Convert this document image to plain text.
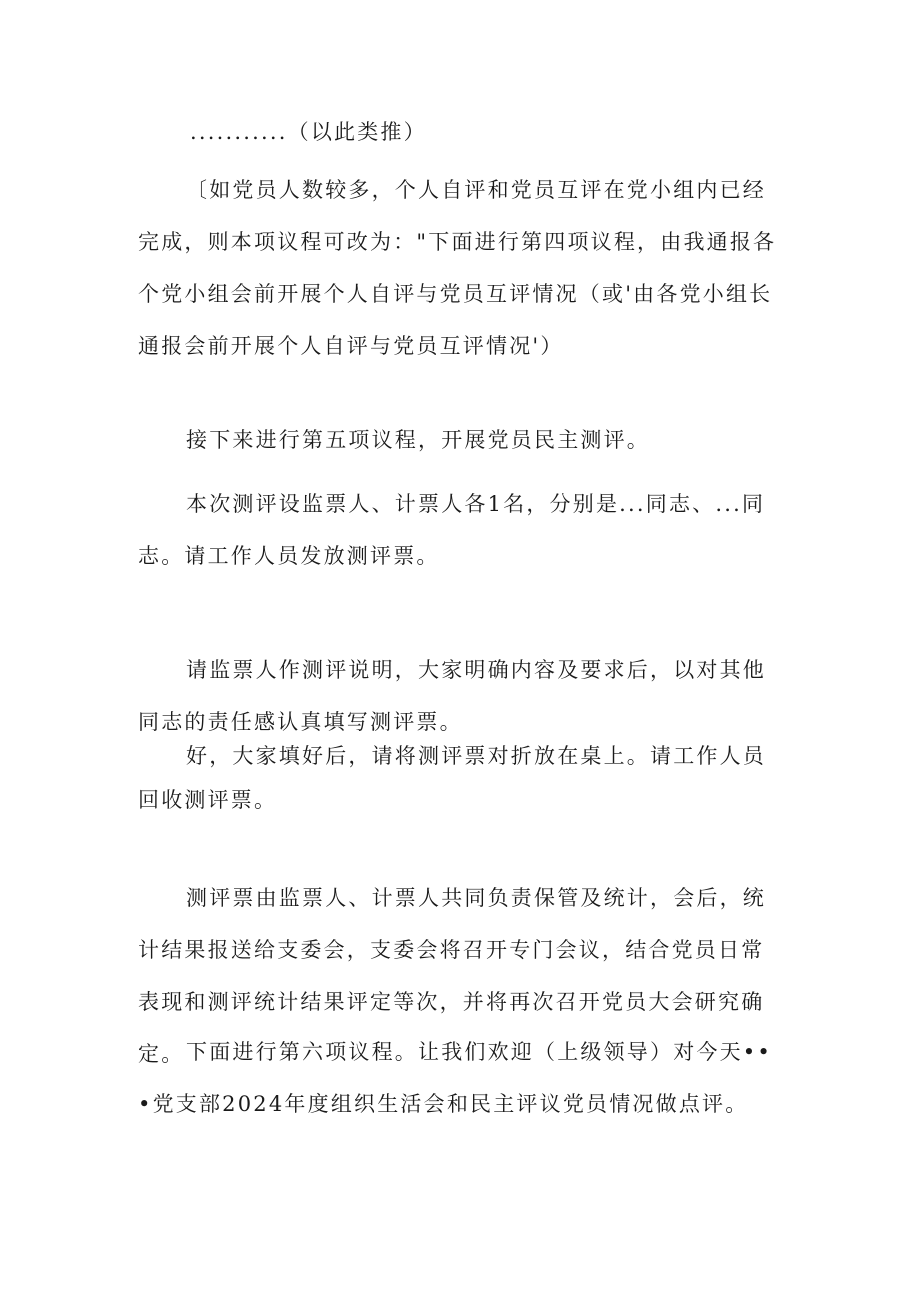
...........（以此类推）

〔如党员人数较多，个人自评和党员互评在党小组内已经完成，则本项议程可改为："下面进行第四项议程，由我通报各个党小组会前开展个人自评与党员互评情况（或'由各党小组长通报会前开展个人自评与党员互评情况'）

接下来进行第五项议程，开展党员民主测评。

本次测评设监票人、计票人各1名，分别是...同志、...同志。请工作人员发放测评票。

请监票人作测评说明，大家明确内容及要求后，以对其他同志的责任感认真填写测评票。

好，大家填好后，请将测评票对折放在桌上。请工作人员回收测评票。

测评票由监票人、计票人共同负责保管及统计，会后，统计结果报送给支委会，支委会将召开专门会议，结合党员日常表现和测评统计结果评定等次，并将再次召开党员大会研究确定。 下面进行第六项议程。让我们欢迎（上级领导）对今天•••党支部2024年度组织生活会和民主评议党员情况做点评。
